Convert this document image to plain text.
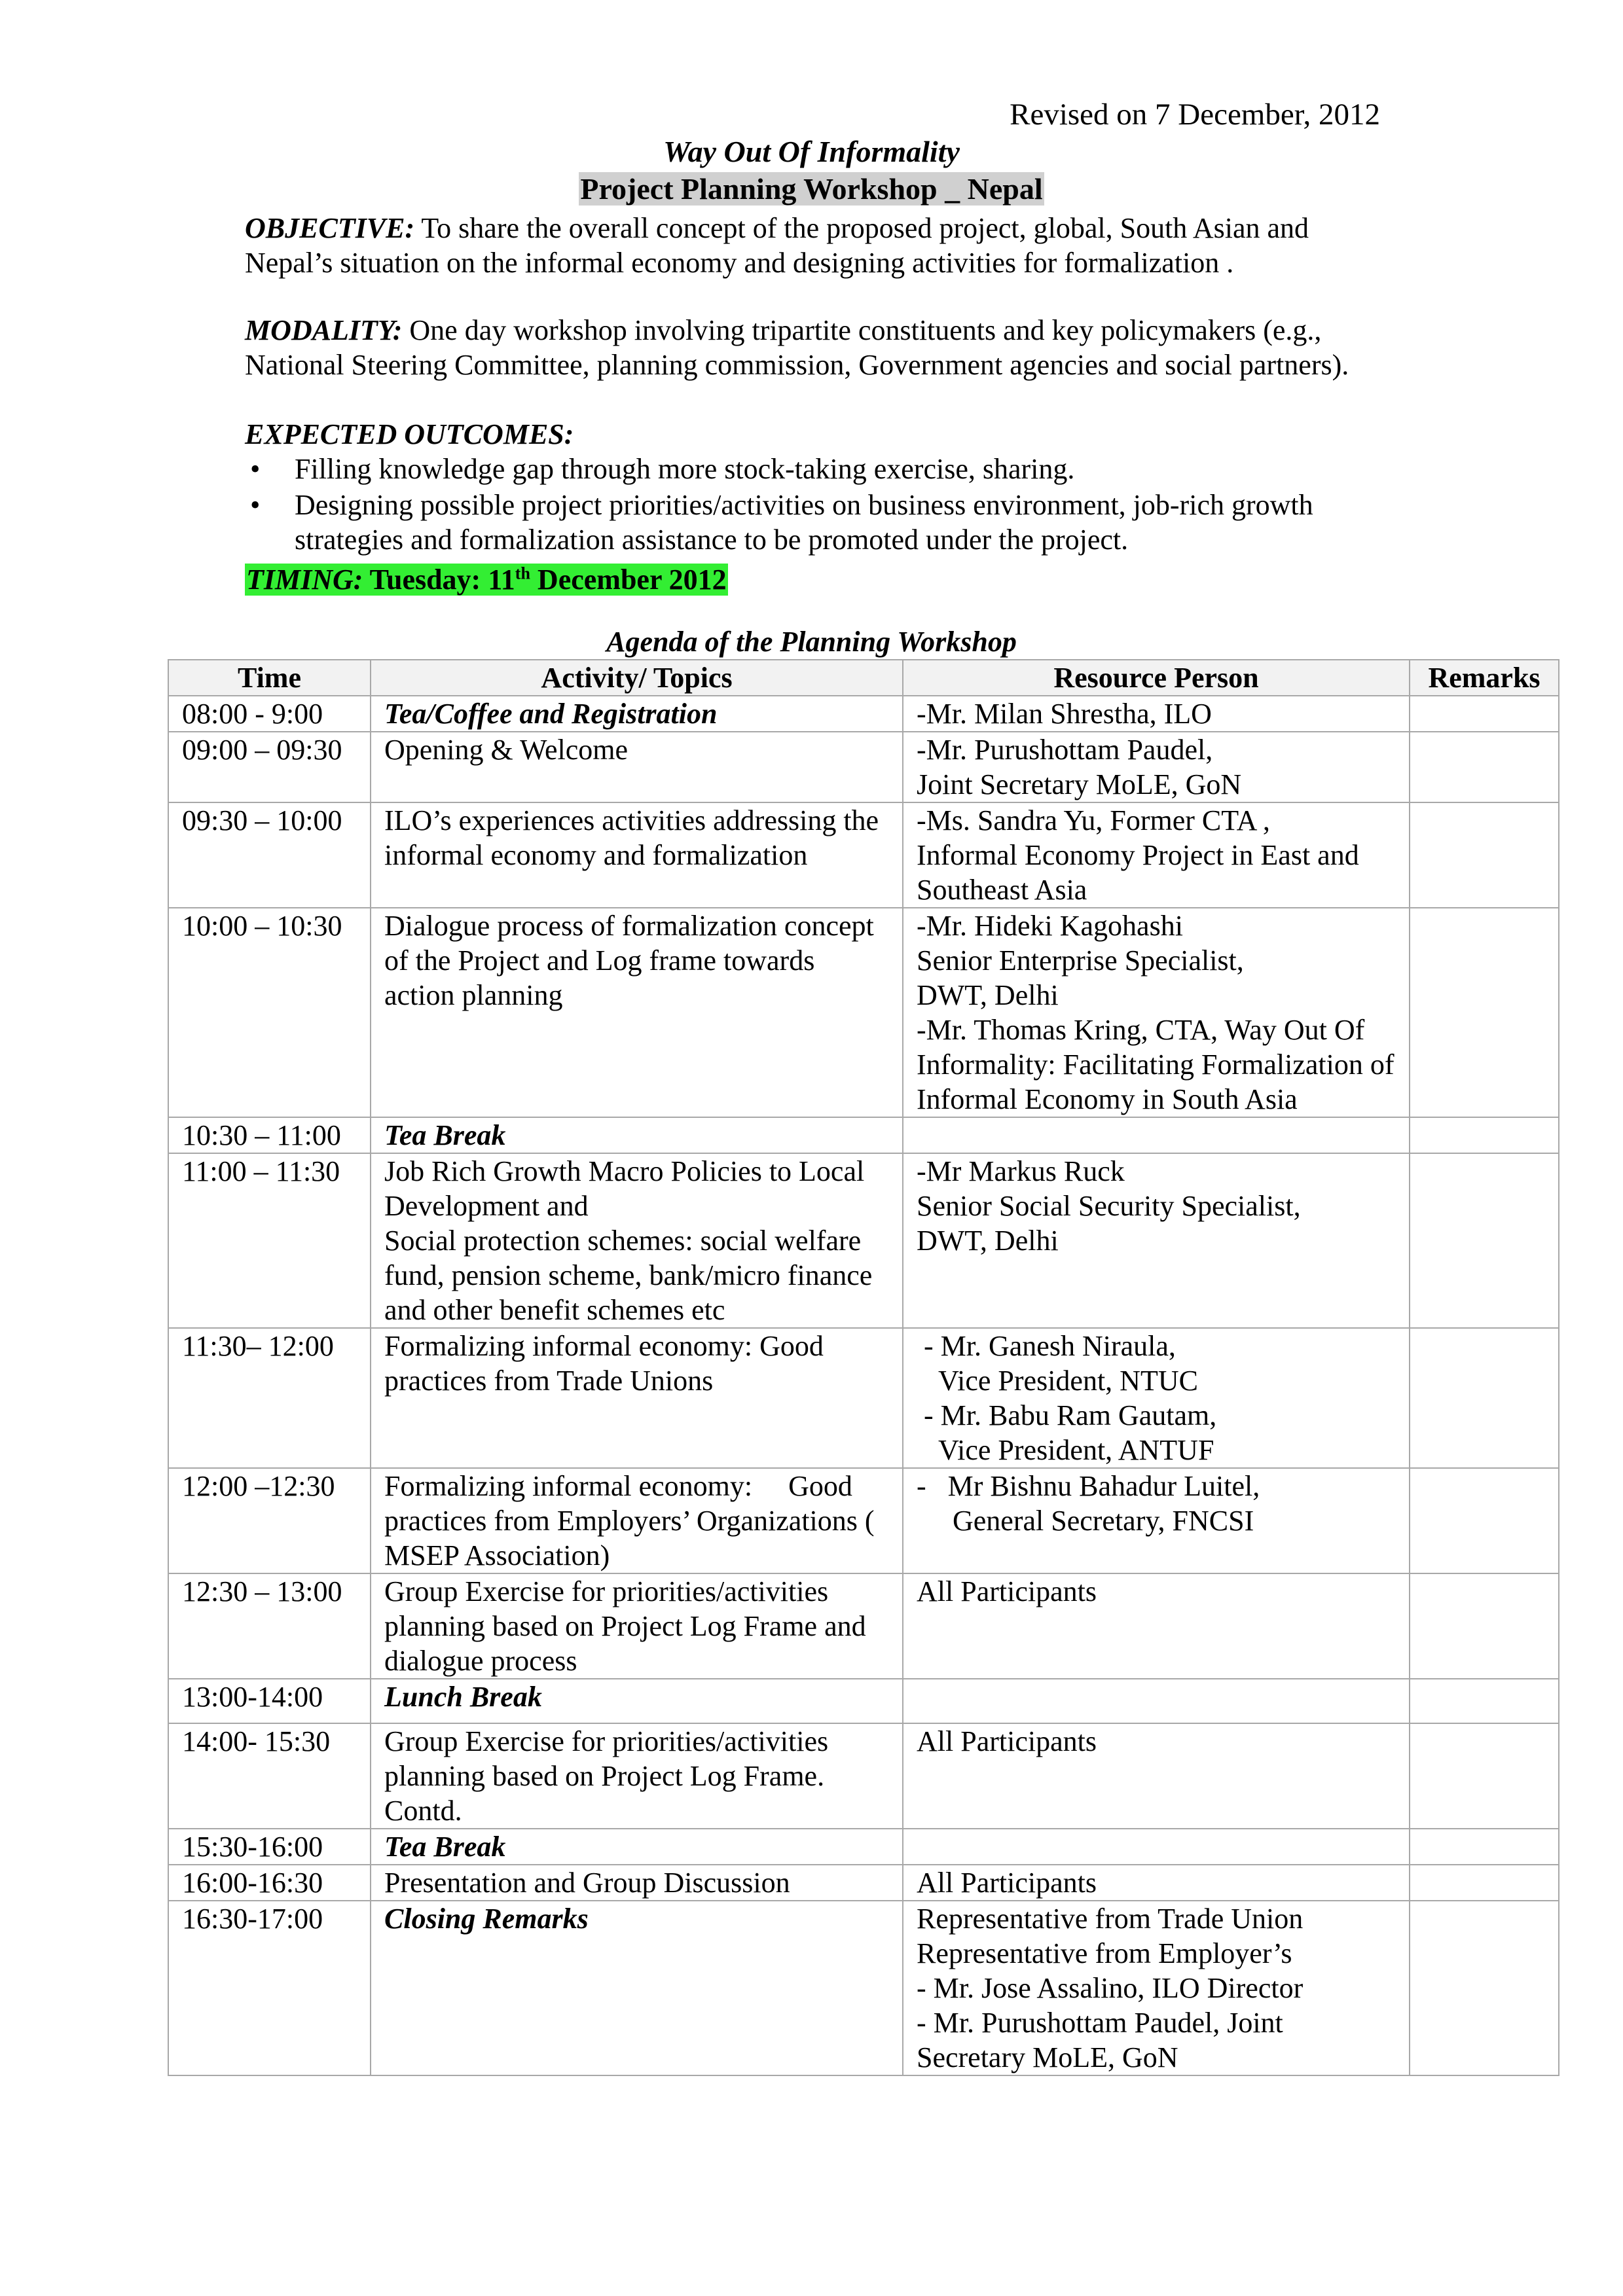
Revised on 7 December, 2012
Way Out Of Informality
Project Planning Workshop _ Nepal
OBJECTIVE: To share the overall concept of the proposed project, global, South Asian and Nepal’s situation on the informal economy and designing activities for formalization .
MODALITY: One day workshop involving tripartite constituents and key policymakers (e.g., National Steering Committee, planning commission, Government agencies and social partners).
EXPECTED OUTCOMES:
• Filling knowledge gap through more stock-taking exercise, sharing.
• Designing possible project priorities/activities on business environment, job-rich growth strategies and formalization assistance to be promoted under the project.
TIMING: Tuesday: 11th December 2012
Agenda of the Planning Workshop
Time	Activity/ Topics	Resource Person	Remarks
08:00 - 9:00	Tea/Coffee and Registration	-Mr. Milan Shrestha, ILO	
09:00 – 09:30	Opening & Welcome	-Mr. Purushottam Paudel,
Joint Secretary MoLE, GoN	
09:30 – 10:00	ILO’s experiences activities addressing the informal economy and formalization	-Ms. Sandra Yu, Former CTA ,
Informal Economy Project in East and Southeast Asia	
10:00 – 10:30	Dialogue process of formalization concept of the Project and Log frame towards action planning	-Mr. Hideki Kagohashi
Senior Enterprise Specialist,
DWT, Delhi
-Mr. Thomas Kring, CTA, Way Out Of Informality: Facilitating Formalization of Informal Economy in South Asia	
10:30 – 11:00	Tea Break		
11:00 – 11:30	Job Rich Growth Macro Policies to Local Development and
Social protection schemes: social welfare fund, pension scheme, bank/micro finance and other benefit schemes etc	-Mr Markus Ruck
Senior Social Security Specialist,
DWT, Delhi	
11:30– 12:00	Formalizing informal economy: Good practices from Trade Unions	- Mr. Ganesh Niraula,
Vice President, NTUC
- Mr. Babu Ram Gautam,
Vice President, ANTUF	
12:00 –12:30	Formalizing informal economy:     Good practices from Employers’ Organizations ( MSEP Association)	-   Mr Bishnu Bahadur Luitel,
General Secretary, FNCSI	
12:30 – 13:00	Group Exercise for priorities/activities planning based on Project Log Frame and dialogue process	All Participants	
13:00-14:00	Lunch Break		
14:00- 15:30	Group Exercise for priorities/activities planning based on Project Log Frame. Contd.	All Participants	
15:30-16:00	Tea Break		
16:00-16:30	Presentation and Group Discussion	All Participants	
16:30-17:00	Closing Remarks	Representative from Trade Union
Representative from Employer’s
- Mr. Jose Assalino, ILO Director
- Mr. Purushottam Paudel, Joint Secretary MoLE, GoN	
